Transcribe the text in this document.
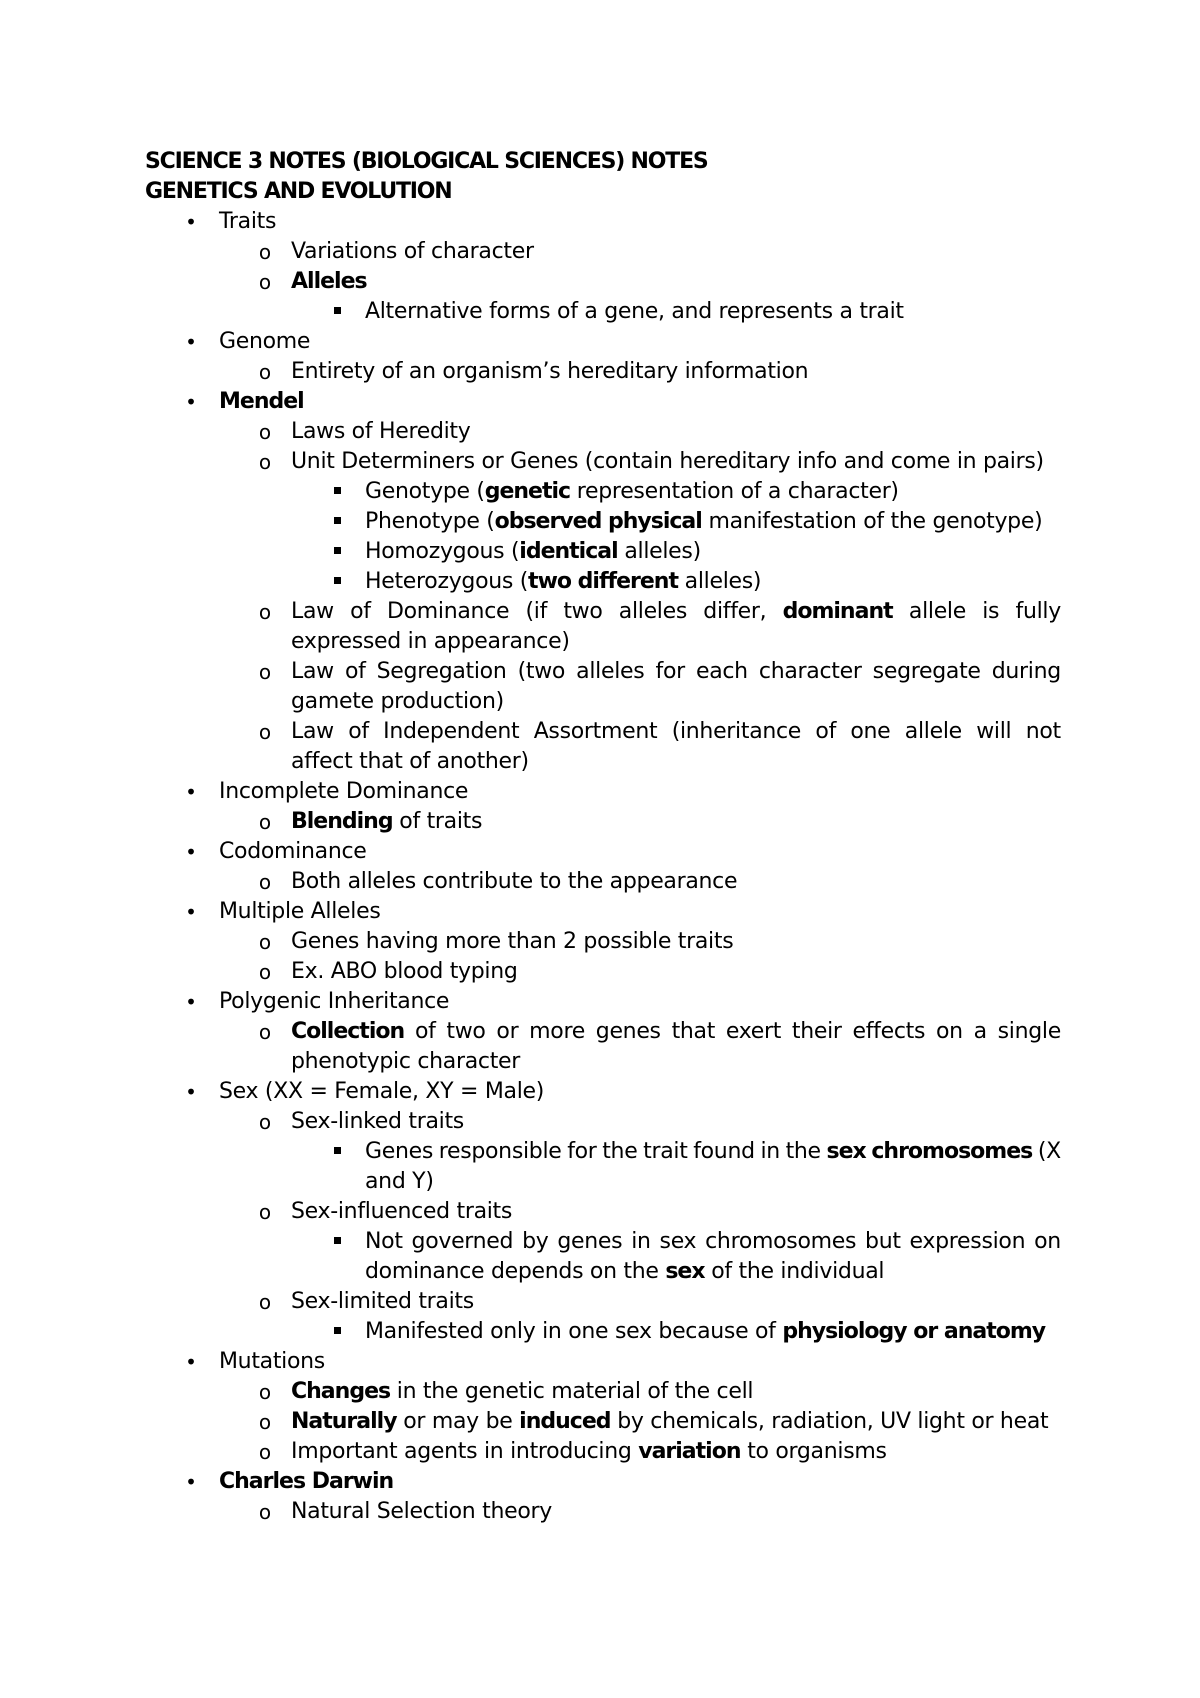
SCIENCE 3 NOTES (BIOLOGICAL SCIENCES) NOTES
GENETICS AND EVOLUTION
•
Traits
o
Variations of character
o
Alleles
Alternative forms of a gene, and represents a trait
•
Genome
o
Entirety of an organism’s hereditary information
•
Mendel
o
Laws of Heredity
o
Unit Determiners or Genes (contain hereditary info and come in pairs)
Genotype (genetic representation of a character)
Phenotype (observed physical manifestation of the genotype)
Homozygous (identical alleles)
Heterozygous (two different alleles)
o
Law of Dominance (if two alleles differ, dominant allele is fully
expressed in appearance)
o
Law of Segregation (two alleles for each character segregate during
gamete production)
o
Law of Independent Assortment (inheritance of one allele will not
affect that of another)
•
Incomplete Dominance
o
Blending of traits
•
Codominance
o
Both alleles contribute to the appearance
•
Multiple Alleles
o
Genes having more than 2 possible traits
o
Ex. ABO blood typing
•
Polygenic Inheritance
o
Collection of two or more genes that exert their effects on a single
phenotypic character
•
Sex (XX = Female, XY = Male)
o
Sex-linked traits
Genes responsible for the trait found in the sex chromosomes (X
and Y)
o
Sex-influenced traits
Not governed by genes in sex chromosomes but expression on
dominance depends on the sex of the individual
o
Sex-limited traits
Manifested only in one sex because of physiology or anatomy
•
Mutations
o
Changes in the genetic material of the cell
o
Naturally or may be induced by chemicals, radiation, UV light or heat
o
Important agents in introducing variation to organisms
•
Charles Darwin
o
Natural Selection theory
